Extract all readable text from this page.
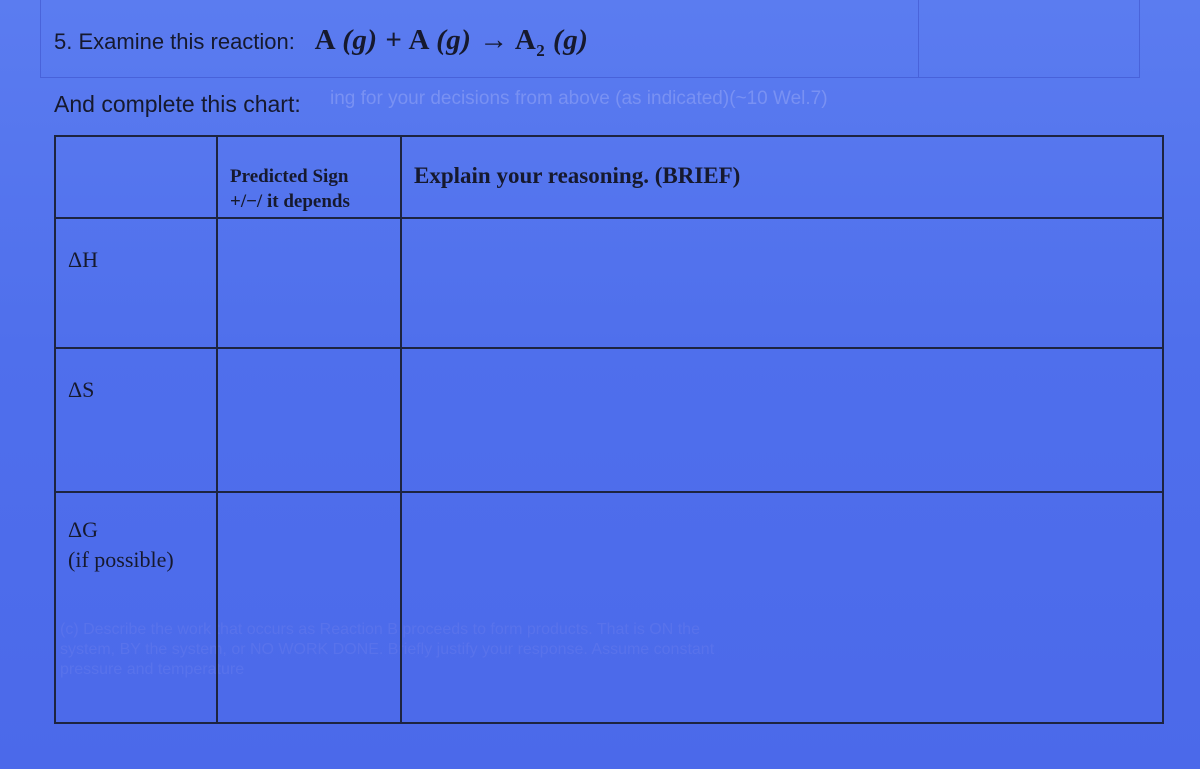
ing for your decisions from above (as indicated)(~10 Wel.7)
(c) Describe the work that occurs as Reaction B proceeds to form products. That is ON the
system, BY the system, or NO WORK DONE. Briefly justify your response. Assume constant
pressure and temperature
5. Examine this reaction: A (g) + A $(g) \to A_2$ (g)
And complete this chart:

	Predicted Sign
+/−/ it depends	Explain your reasoning. (BRIEF)

ΔH		

ΔS		

ΔG
(if possible)		
